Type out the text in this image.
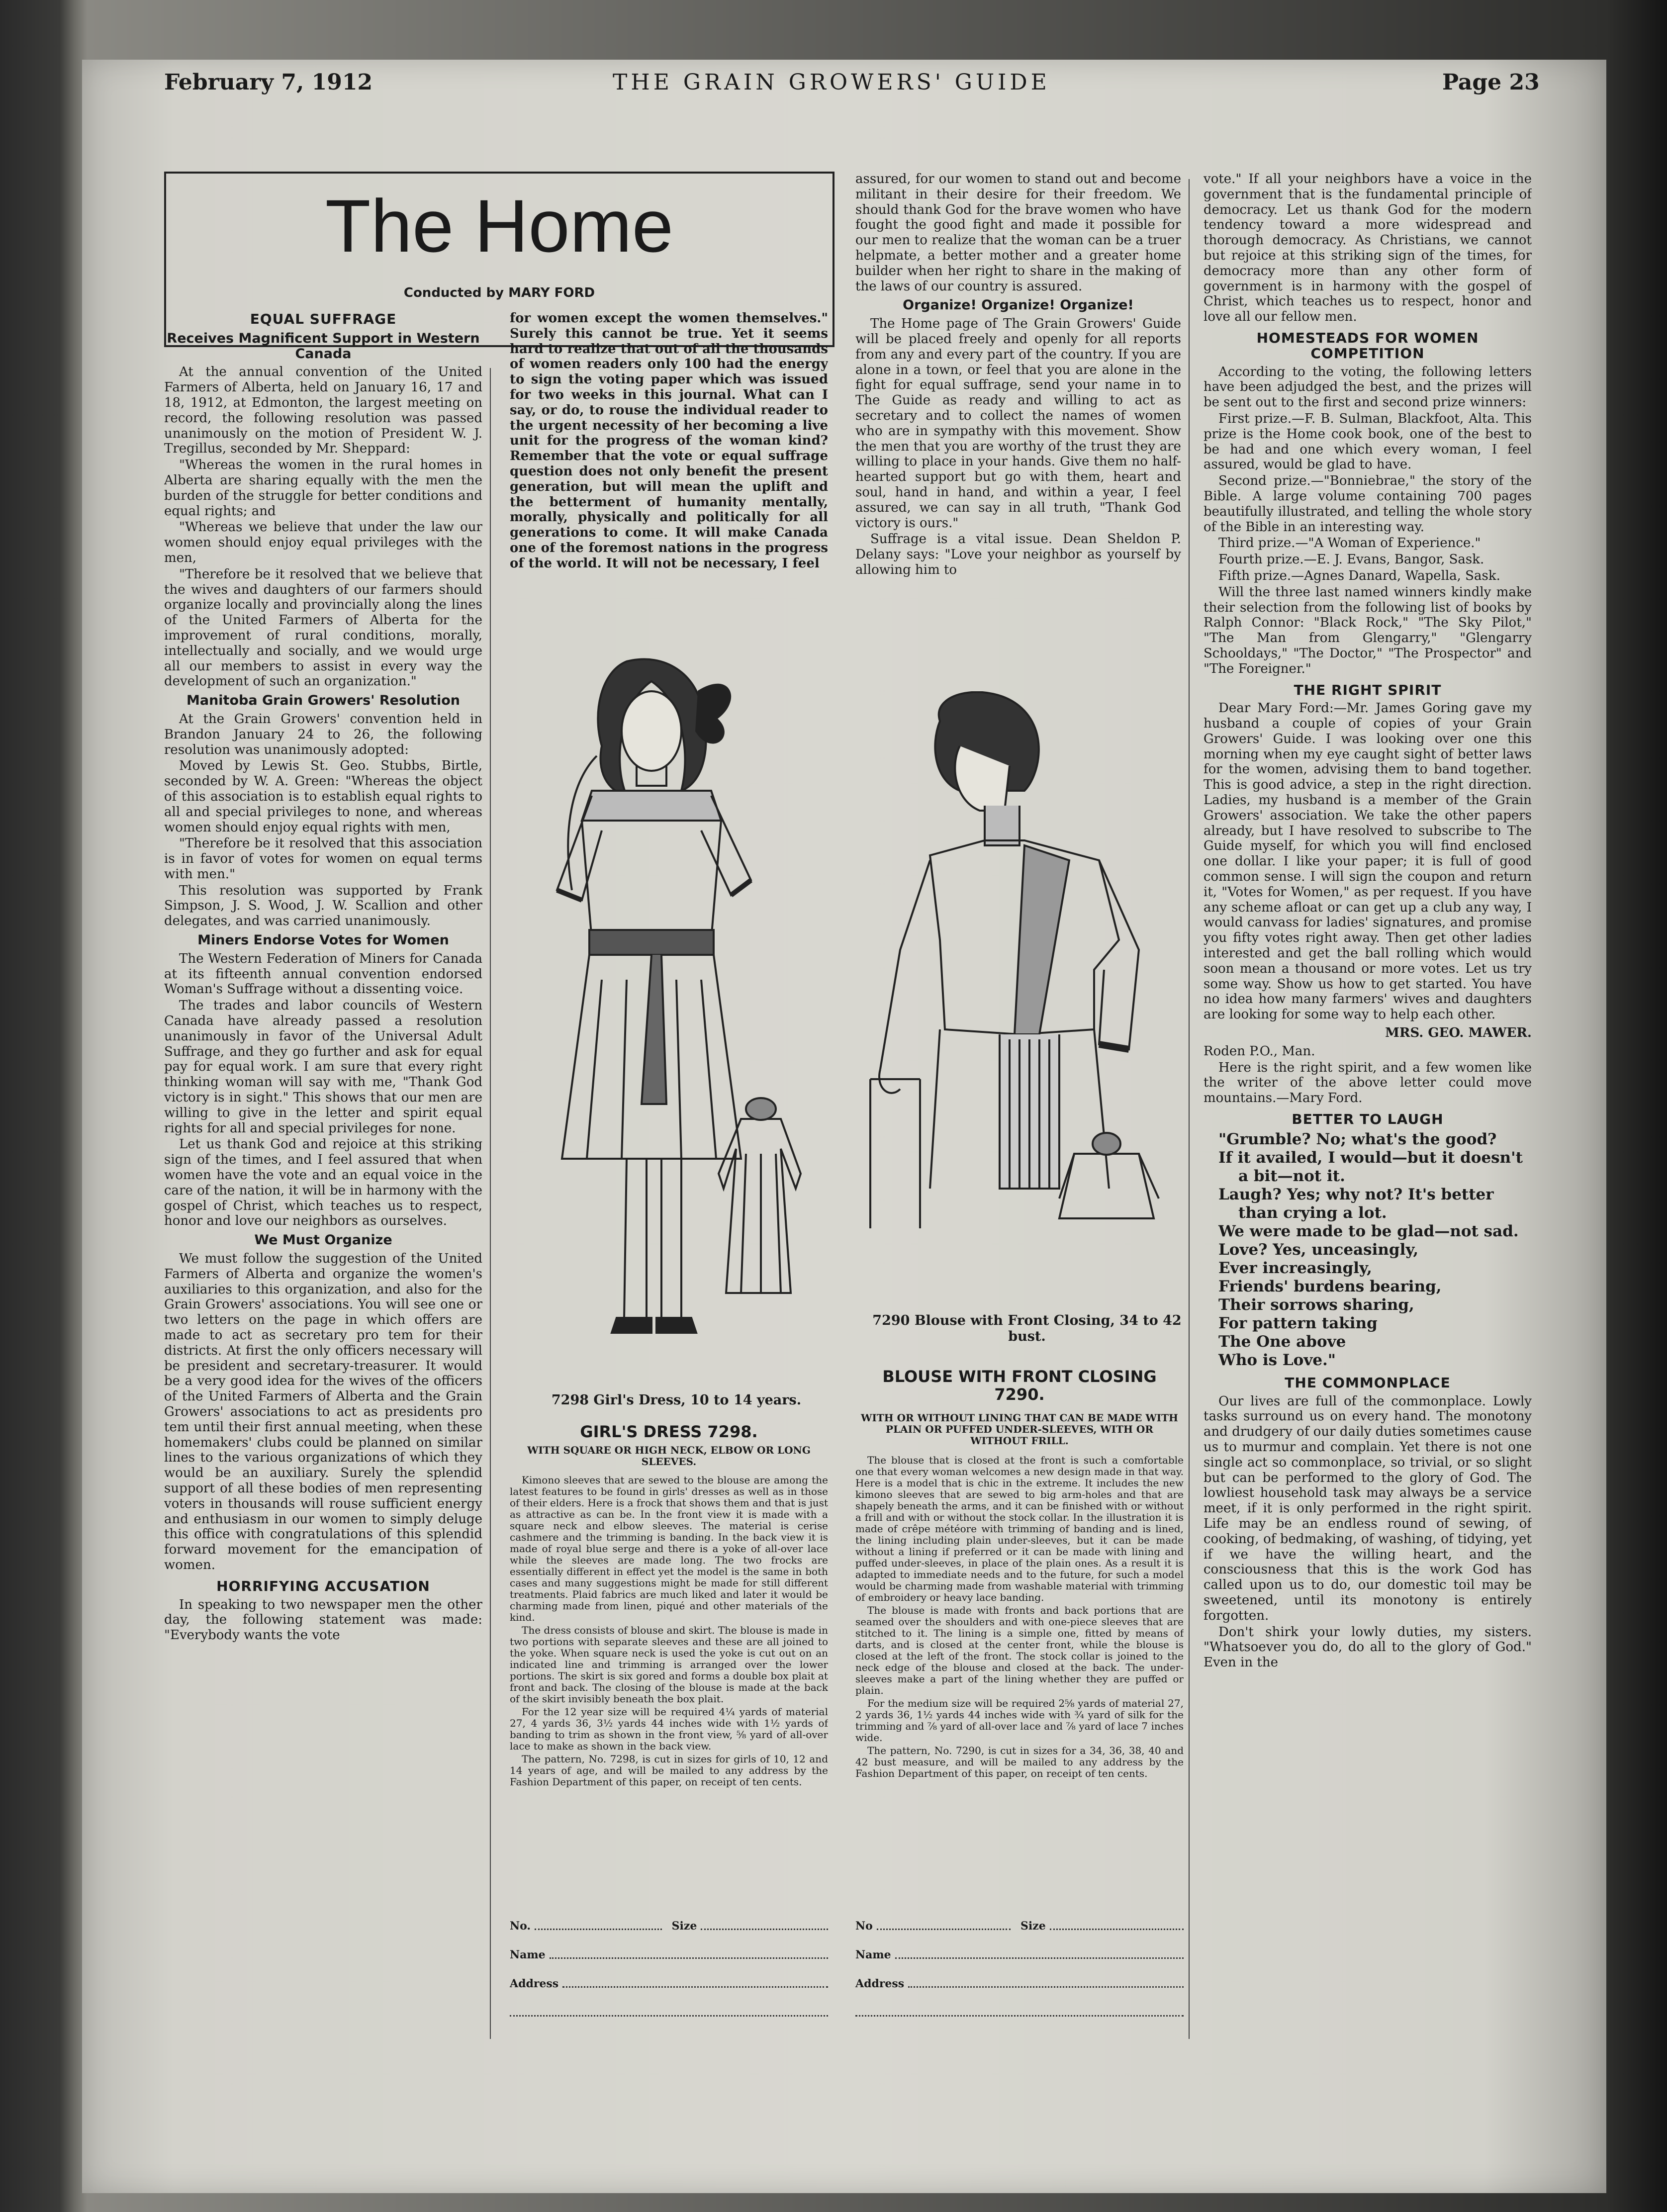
February 7, 1912	THE GRAIN GROWERS' GUIDE	Page 23
The Home
Conducted by MARY FORD
EQUAL SUFFRAGE
Receives Magnificent Support in Western Canada

At the annual convention of the United Farmers of Alberta, held on January 16, 17 and 18, 1912, at Edmonton, the largest meeting on record, the following resolution was passed unanimously on the motion of President W. J. Tregillus, seconded by Mr. Sheppard:

"Whereas the women in the rural homes in Alberta are sharing equally with the men the burden of the struggle for better conditions and equal rights; and

"Whereas we believe that under the law our women should enjoy equal privileges with the men,

"Therefore be it resolved that we believe that the wives and daughters of our farmers should organize locally and provincially along the lines of the United Farmers of Alberta for the improvement of rural conditions, morally, intellectually and socially, and we would urge all our members to assist in every way the development of such an organization."

Manitoba Grain Growers' Resolution

At the Grain Growers' convention held in Brandon January 24 to 26, the following resolution was unanimously adopted:

Moved by Lewis St. Geo. Stubbs, Birtle, seconded by W. A. Green: "Whereas the object of this association is to establish equal rights to all and special privileges to none, and whereas women should enjoy equal rights with men,

"Therefore be it resolved that this association is in favor of votes for women on equal terms with men."

This resolution was supported by Frank Simpson, J. S. Wood, J. W. Scallion and other delegates, and was carried unanimously.

Miners Endorse Votes for Women

The Western Federation of Miners for Canada at its fifteenth annual convention endorsed Woman's Suffrage without a dissenting voice.

The trades and labor councils of Western Canada have already passed a resolution unanimously in favor of the Universal Adult Suffrage, and they go further and ask for equal pay for equal work. I am sure that every right thinking woman will say with me, "Thank God victory is in sight." This shows that our men are willing to give in the letter and spirit equal rights for all and special privileges for none.

Let us thank God and rejoice at this striking sign of the times, and I feel assured that when women have the vote and an equal voice in the care of the nation, it will be in harmony with the gospel of Christ, which teaches us to respect, honor and love our neighbors as ourselves.

We Must Organize

We must follow the suggestion of the United Farmers of Alberta and organize the women's auxiliaries to this organization, and also for the Grain Growers' associations. You will see one or two letters on the page in which offers are made to act as secretary pro tem for their districts. At first the only officers necessary will be president and secretary-treasurer. It would be a very good idea for the wives of the officers of the United Farmers of Alberta and the Grain Growers' associations to act as presidents pro tem until their first annual meeting, when these homemakers' clubs could be planned on similar lines to the various organizations of which they would be an auxiliary. Surely the splendid support of all these bodies of men representing voters in thousands will rouse sufficient energy and enthusiasm in our women to simply deluge this office with congratulations of this splendid forward movement for the emancipation of women.

HORRIFYING ACCUSATION

In speaking to two newspaper men the other day, the following statement was made: "Everybody wants the vote

for women except the women themselves." Surely this cannot be true. Yet it seems hard to realize that out of all the thousands of women readers only 100 had the energy to sign the voting paper which was issued for two weeks in this journal. What can I say, or do, to rouse the individual reader to the urgent necessity of her becoming a live unit for the progress of the woman kind? Remember that the vote or equal suffrage question does not only benefit the present generation, but will mean the uplift and the betterment of humanity mentally, morally, physically and politically for all generations to come. It will make Canada one of the foremost nations in the progress of the world. It will not be necessary, I feel

assured, for our women to stand out and become militant in their desire for their freedom. We should thank God for the brave women who have fought the good fight and made it possible for our men to realize that the woman can be a truer helpmate, a better mother and a greater home builder when her right to share in the making of the laws of our country is assured.

Organize! Organize! Organize!

The Home page of The Grain Growers' Guide will be placed freely and openly for all reports from any and every part of the country. If you are alone in a town, or feel that you are alone in the fight for equal suffrage, send your name in to The Guide as ready and willing to act as secretary and to collect the names of women who are in sympathy with this movement. Show the men that you are worthy of the trust they are willing to place in your hands. Give them no half-hearted support but go with them, heart and soul, hand in hand, and within a year, I feel assured, we can say in all truth, "Thank God victory is ours."

Suffrage is a vital issue. Dean Sheldon P. Delany says: "Love your neighbor as yourself by allowing him to

vote." If all your neighbors have a voice in the government that is the fundamental principle of democracy. Let us thank God for the modern tendency toward a more widespread and thorough democracy. As Christians, we cannot but rejoice at this striking sign of the times, for democracy more than any other form of government is in harmony with the gospel of Christ, which teaches us to respect, honor and love all our fellow men.

HOMESTEADS FOR WOMEN COMPETITION

According to the voting, the following letters have been adjudged the best, and the prizes will be sent out to the first and second prize winners:

First prize.—F. B. Sulman, Blackfoot, Alta. This prize is the Home cook book, one of the best to be had and one which every woman, I feel assured, would be glad to have.

Second prize.—"Bonniebrae," the story of the Bible. A large volume containing 700 pages beautifully illustrated, and telling the whole story of the Bible in an interesting way.

Third prize.—"A Woman of Experience."

Fourth prize.—E. J. Evans, Bangor, Sask.

Fifth prize.—Agnes Danard, Wapella, Sask.

Will the three last named winners kindly make their selection from the following list of books by Ralph Connor: "Black Rock," "The Sky Pilot," "The Man from Glengarry," "Glengarry Schooldays," "The Doctor," "The Prospector" and "The Foreigner."

THE RIGHT SPIRIT

Dear Mary Ford:—Mr. James Goring gave my husband a couple of copies of your Grain Growers' Guide. I was looking over one this morning when my eye caught sight of better laws for the women, advising them to band together. This is good advice, a step in the right direction. Ladies, my husband is a member of the Grain Growers' association. We take the other papers already, but I have resolved to subscribe to The Guide myself, for which you will find enclosed one dollar. I like your paper; it is full of good common sense. I will sign the coupon and return it, "Votes for Women," as per request. If you have any scheme afloat or can get up a club any way, I would canvass for ladies' signatures, and promise you fifty votes right away. Then get other ladies interested and get the ball rolling which would soon mean a thousand or more votes. Let us try some way. Show us how to get started. You have no idea how many farmers' wives and daughters are looking for some way to help each other.

MRS. GEO. MAWER.

Roden P.O., Man.

Here is the right spirit, and a few women like the writer of the above letter could move mountains.—Mary Ford.

BETTER TO LAUGH

"Grumble? No; what's the good?

If it availed, I would—but it doesn't

a bit—not it.

Laugh? Yes; why not? It's better

than crying a lot.

We were made to be glad—not sad.

Love? Yes, unceasingly,

Ever increasingly,

Friends' burdens bearing,

Their sorrows sharing,

For pattern taking

The One above

Who is Love."

THE COMMONPLACE

Our lives are full of the commonplace. Lowly tasks surround us on every hand. The monotony and drudgery of our daily duties sometimes cause us to murmur and complain. Yet there is not one single act so commonplace, so trivial, or so slight but can be performed to the glory of God. The lowliest household task may always be a service meet, if it is only performed in the right spirit. Life may be an endless round of sewing, of cooking, of bedmaking, of washing, of tidying, yet if we have the willing heart, and the consciousness that this is the work God has called upon us to do, our domestic toil may be sweetened, until its monotony is entirely forgotten.

Don't shirk your lowly duties, my sisters. "Whatsoever you do, do all to the glory of God." Even in the

7298 Girl's Dress, 10 to 14 years.
7290 Blouse with Front Closing, 34 to 42 bust.
GIRL'S DRESS 7298.
WITH SQUARE OR HIGH NECK, ELBOW OR LONG SLEEVES.

Kimono sleeves that are sewed to the blouse are among the latest features to be found in girls' dresses as well as in those of their elders. Here is a frock that shows them and that is just as attractive as can be. In the front view it is made with a square neck and elbow sleeves. The material is cerise cashmere and the trimming is banding. In the back view it is made of royal blue serge and there is a yoke of all-over lace while the sleeves are made long. The two frocks are essentially different in effect yet the model is the same in both cases and many suggestions might be made for still different treatments. Plaid fabrics are much liked and later it would be charming made from linen, piqué and other materials of the kind.

The dress consists of blouse and skirt. The blouse is made in two portions with separate sleeves and these are all joined to the yoke. When square neck is used the yoke is cut out on an indicated line and trimming is arranged over the lower portions. The skirt is six gored and forms a double box plait at front and back. The closing of the blouse is made at the back of the skirt invisibly beneath the box plait.

For the 12 year size will be required 4¼ yards of material 27, 4 yards 36, 3½ yards 44 inches wide with 1½ yards of banding to trim as shown in the front view, ⅝ yard of all-over lace to make as shown in the back view.

The pattern, No. 7298, is cut in sizes for girls of 10, 12 and 14 years of age, and will be mailed to any address by the Fashion Department of this paper, on receipt of ten cents.

No.	Size
Name
Address
BLOUSE WITH FRONT CLOSING 7290.
WITH OR WITHOUT LINING THAT CAN BE MADE WITH PLAIN OR PUFFED UNDER-SLEEVES, WITH OR WITHOUT FRILL.

The blouse that is closed at the front is such a comfortable one that every woman welcomes a new design made in that way. Here is a model that is chic in the extreme. It includes the new kimono sleeves that are sewed to big arm-holes and that are shapely beneath the arms, and it can be finished with or without a frill and with or without the stock collar. In the illustration it is made of crêpe météore with trimming of banding and is lined, the lining including plain under-sleeves, but it can be made without a lining if preferred or it can be made with lining and puffed under-sleeves, in place of the plain ones. As a result it is adapted to immediate needs and to the future, for such a model would be charming made from washable material with trimming of embroidery or heavy lace banding.

The blouse is made with fronts and back portions that are seamed over the shoulders and with one-piece sleeves that are stitched to it. The lining is a simple one, fitted by means of darts, and is closed at the center front, while the blouse is closed at the left of the front. The stock collar is joined to the neck edge of the blouse and closed at the back. The under-sleeves make a part of the lining whether they are puffed or plain.

For the medium size will be required 2⅝ yards of material 27, 2 yards 36, 1½ yards 44 inches wide with ¾ yard of silk for the trimming and ⅞ yard of all-over lace and ⅞ yard of lace 7 inches wide.

The pattern, No. 7290, is cut in sizes for a 34, 36, 38, 40 and 42 bust measure, and will be mailed to any address by the Fashion Department of this paper, on receipt of ten cents.

No	Size
Name
Address
